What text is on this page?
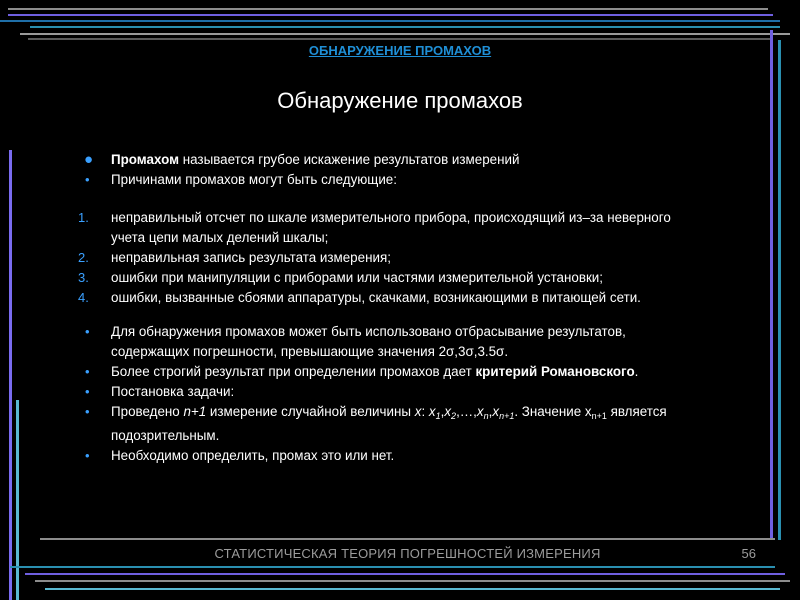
ОБНАРУЖЕНИЕ ПРОМАХОВ
Обнаружение промахов
● Промахом называется грубое искажение результатов измерений
• Причинами промахов могут быть следующие:
1. неправильный отсчет по шкале измерительного прибора, происходящий из–за неверного учета цепи малых делений шкалы;
2. неправильная запись результата измерения;
3. ошибки при манипуляции с приборами или частями измерительной установки;
4. ошибки, вызванные сбоями аппаратуры, скачками, возникающими в питающей сети.
• Для обнаружения промахов может быть использовано отбрасывание результатов, содержащих погрешности, превышающие значения 2σ,3σ,3.5σ.
• Более строгий результат при определении промахов дает критерий Романовского.
• Постановка задачи:
• Проведено n+1 измерение случайной величины x: $x_1,x_2,\dots,x_n,x_{n+1}$. Значение $x_{n+1}$ является подозрительным.
• Необходимо определить, промах это или нет.
СТАТИСТИЧЕСКАЯ ТЕОРИЯ ПОГРЕШНОСТЕЙ ИЗМЕРЕНИЯ	56
